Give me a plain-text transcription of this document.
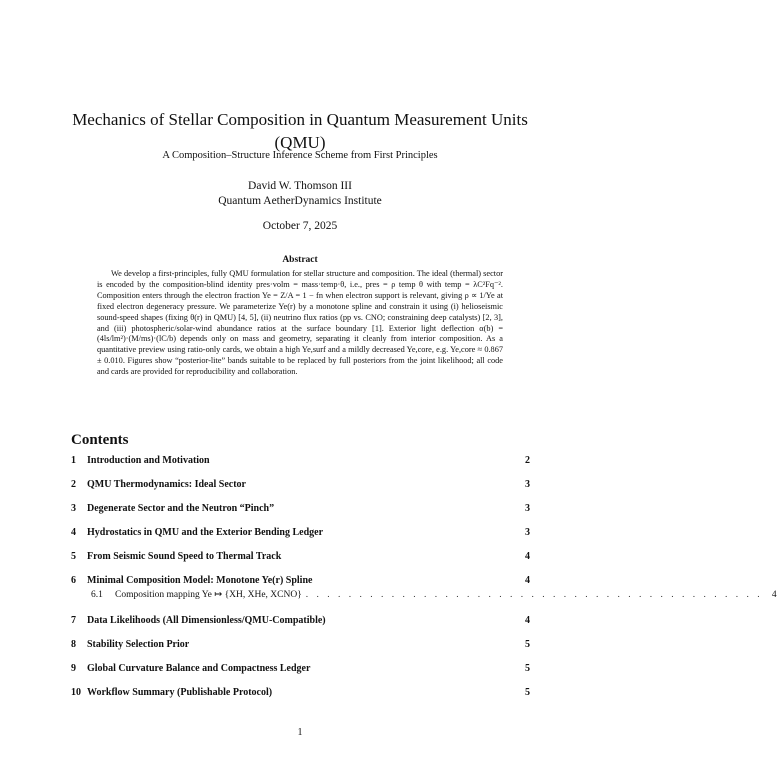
Mechanics of Stellar Composition in Quantum Measurement Units (QMU)
A Composition–Structure Inference Scheme from First Principles
David W. Thomson III
Quantum AetherDynamics Institute
October 7, 2025
Abstract
We develop a first-principles, fully QMU formulation for stellar structure and composition. The ideal (thermal) sector is encoded by the composition-blind identity pres·volm = mass·temp·θ, i.e., pres = ρ temp θ with temp = λC²Fq⁻². Composition enters through the electron fraction Ye = Z/A = 1 − fn when electron support is relevant, giving ρ ∝ 1/Ye at fixed electron degeneracy pressure. We parameterize Ye(r) by a monotone spline and constrain it using (i) helioseismic sound-speed shapes (fixing θ(r) in QMU) [4, 5], (ii) neutrino flux ratios (pp vs. CNO; constraining deep catalysts) [2, 3], and (iii) photospheric/solar-wind abundance ratios at the surface boundary [1]. Exterior light deflection α(b) = (4ls/lm²)·(M/ms)·(lC/b) depends only on mass and geometry, separating it cleanly from interior composition. As a quantitative preview using ratio-only cards, we obtain a high Ye,surf and a mildly decreased Ye,core, e.g. Ye,core ≈ 0.867 ± 0.010. Figures show “posterior-lite” bands suitable to be replaced by full posteriors from the joint likelihood; all code and cards are provided for reproducibility and collaboration.
Contents
1	Introduction and Motivation	2
2	QMU Thermodynamics: Ideal Sector	3
3	Degenerate Sector and the Neutron “Pinch”	3
4	Hydrostatics in QMU and the Exterior Bending Ledger	3
5	From Seismic Sound Speed to Thermal Track	4
6	Minimal Composition Model: Monotone Ye(r) Spline	4
6.1	Composition mapping Ye ↦ {XH, XHe, XCNO} . . . . . . . . . . . . . . . . . . . . . . . . . . . . . . . . . . . . . . . . . . . 4
7	Data Likelihoods (All Dimensionless/QMU-Compatible)	4
8	Stability Selection Prior	5
9	Global Curvature Balance and Compactness Ledger	5
10 Workflow Summary (Publishable Protocol)	5
1
